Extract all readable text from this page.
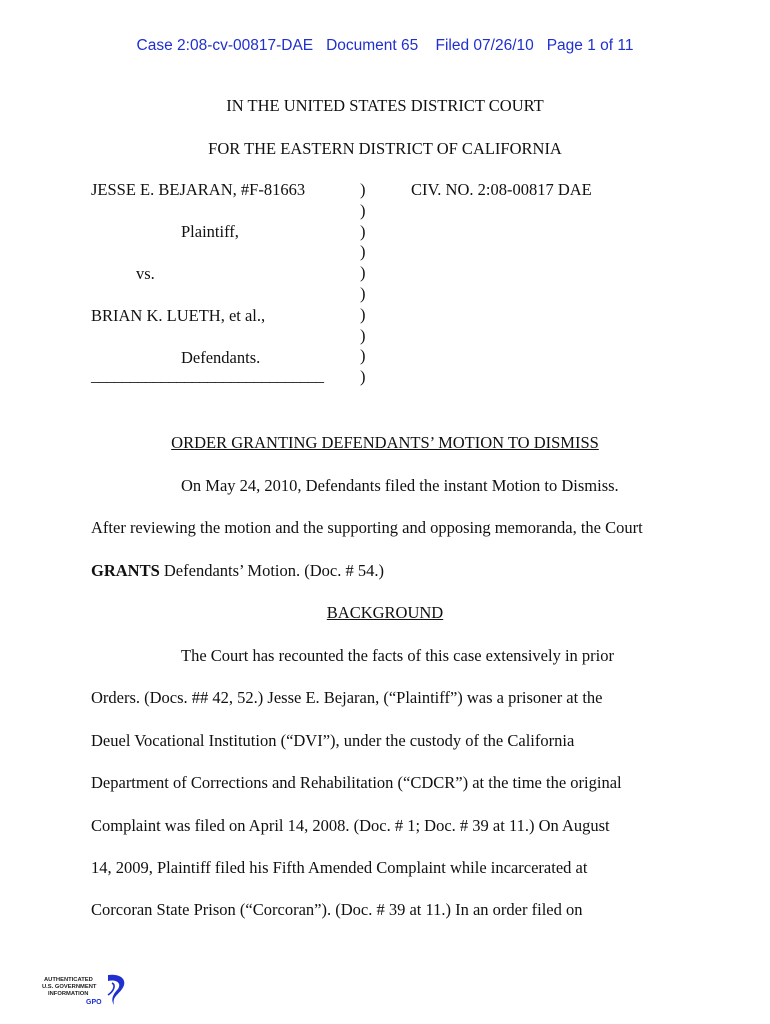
Case 2:08-cv-00817-DAE Document 65 Filed 07/26/10 Page 1 of 11
IN THE UNITED STATES DISTRICT COURT
FOR THE EASTERN DISTRICT OF CALIFORNIA
JESSE E. BEJARAN, #F-81663
Plaintiff,
vs.
BRIAN K. LUETH, et al.,
Defendants.
______________________________
)
)
)
)
)
)
)
)
)
)
CIV. NO. 2:08-00817 DAE
ORDER GRANTING DEFENDANTS’ MOTION TO DISMISS
On May 24, 2010, Defendants filed the instant Motion to Dismiss.
After reviewing the motion and the supporting and opposing memoranda, the Court
GRANTS Defendants’ Motion. (Doc. # 54.)
BACKGROUND
The Court has recounted the facts of this case extensively in prior
Orders. (Docs. ## 42, 52.) Jesse E. Bejaran, (“Plaintiff”) was a prisoner at the
Deuel Vocational Institution (“DVI”), under the custody of the California
Department of Corrections and Rehabilitation (“CDCR”) at the time the original
Complaint was filed on April 14, 2008. (Doc. # 1; Doc. # 39 at 11.) On August
14, 2009, Plaintiff filed his Fifth Amended Complaint while incarcerated at
Corcoran State Prison (“Corcoran”). (Doc. # 39 at 11.) In an order filed on
AUTHENTICATED
U.S. GOVERNMENT
INFORMATION
GPO
